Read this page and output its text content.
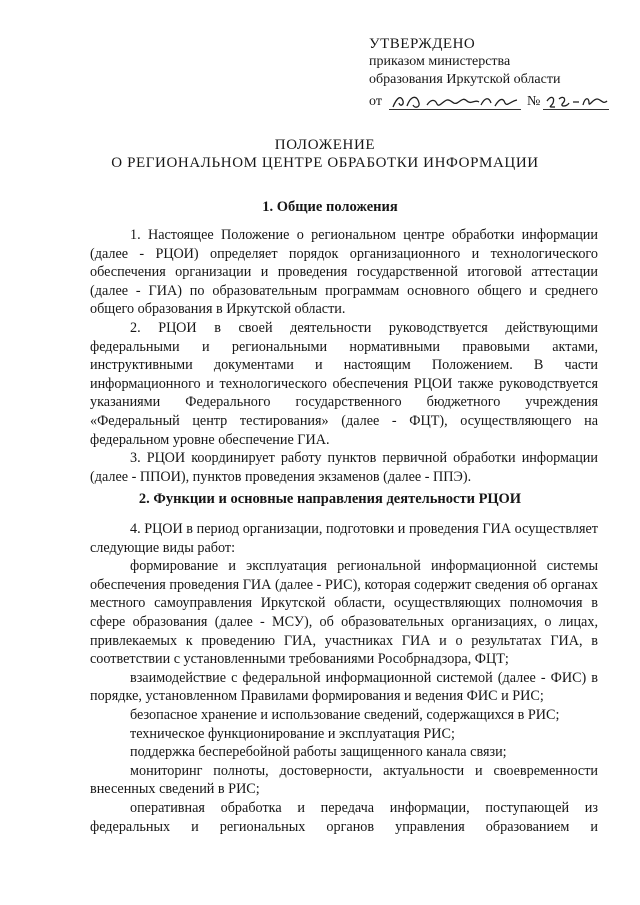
УТВЕРЖДЕНО
приказом министерства
образования Иркутской области
от	№
ПОЛОЖЕНИЕ
О РЕГИОНАЛЬНОМ ЦЕНТРЕ ОБРАБОТКИ ИНФОРМАЦИИ
1. Общие положения

1. Настоящее Положение о региональном центре обработки информации (далее - РЦОИ) определяет порядок организационного и технологического обеспечения организации и проведения государственной итоговой аттестации (далее - ГИА) по образовательным программам основного общего и среднего общего образования в Иркутской области.

2. РЦОИ в своей деятельности руководствуется действующими федеральными и региональными нормативными правовыми актами, инструктивными документами и настоящим Положением. В части информационного и технологического обеспечения РЦОИ также руководствуется указаниями Федерального государственного бюджетного учреждения «Федеральный центр тестирования» (далее - ФЦТ), осуществляющего на федеральном уровне обеспечение ГИА.

3. РЦОИ координирует работу пунктов первичной обработки информации (далее - ППОИ), пунктов проведения экзаменов (далее - ППЭ).

2. Функции и основные направления деятельности РЦОИ

4. РЦОИ в период организации, подготовки и проведения ГИА осуществляет следующие виды работ:

формирование и эксплуатация региональной информационной системы обеспечения проведения ГИА (далее - РИС), которая содержит сведения об органах местного самоуправления Иркутской области, осуществляющих полномочия в сфере образования (далее - МСУ), об образовательных организациях, о лицах, привлекаемых к проведению ГИА, участниках ГИА и о результатах ГИА, в соответствии с установленными требованиями Рособрнадзора, ФЦТ;

взаимодействие с федеральной информационной системой (далее - ФИС) в порядке, установленном Правилами формирования и ведения ФИС и РИС;

безопасное хранение и использование сведений, содержащихся в РИС;

техническое функционирование и эксплуатация РИС;

поддержка бесперебойной работы защищенного канала связи;

мониторинг полноты, достоверности, актуальности и своевременности внесенных сведений в РИС;

оперативная обработка и передача информации, поступающей из федеральных и региональных органов управления образованием и
